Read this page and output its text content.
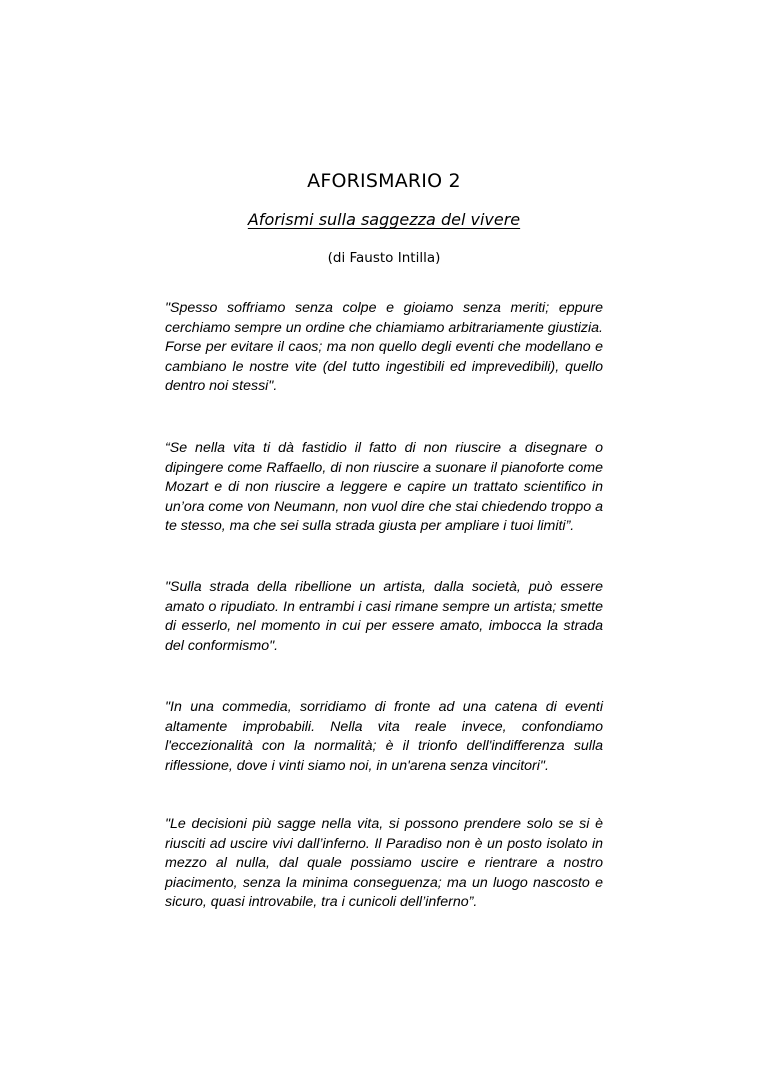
AFORISMARIO 2
Aforismi sulla saggezza del vivere
(di Fausto Intilla)

"Spesso soffriamo senza colpe e gioiamo senza meriti; eppure cerchiamo sempre un ordine che chiamiamo arbitrariamente giustizia. Forse per evitare il caos; ma non quello degli eventi che modellano e cambiano le nostre vite (del tutto ingestibili ed imprevedibili), quello dentro noi stessi".

“Se nella vita ti dà fastidio il fatto di non riuscire a disegnare o dipingere come Raffaello, di non riuscire a suonare il pianoforte come Mozart e di non riuscire a leggere e capire un trattato scientifico in un’ora come von Neumann, non vuol dire che stai chiedendo troppo a te stesso, ma che sei sulla strada giusta per ampliare i tuoi limiti”.

"Sulla strada della ribellione un artista, dalla società, può essere amato o ripudiato. In entrambi i casi rimane sempre un artista; smette di esserlo, nel momento in cui per essere amato, imbocca la strada del conformismo".

"In una commedia, sorridiamo di fronte ad una catena di eventi altamente improbabili. Nella vita reale invece, confondiamo l'eccezionalità con la normalità; è il trionfo dell'indifferenza sulla riflessione, dove i vinti siamo noi, in un'arena senza vincitori".

"Le decisioni più sagge nella vita, si possono prendere solo se si è riusciti ad uscire vivi dall’inferno. Il Paradiso non è un posto isolato in mezzo al nulla, dal quale possiamo uscire e rientrare a nostro piacimento, senza la minima conseguenza; ma un luogo nascosto e sicuro, quasi introvabile, tra i cunicoli dell’inferno”.
